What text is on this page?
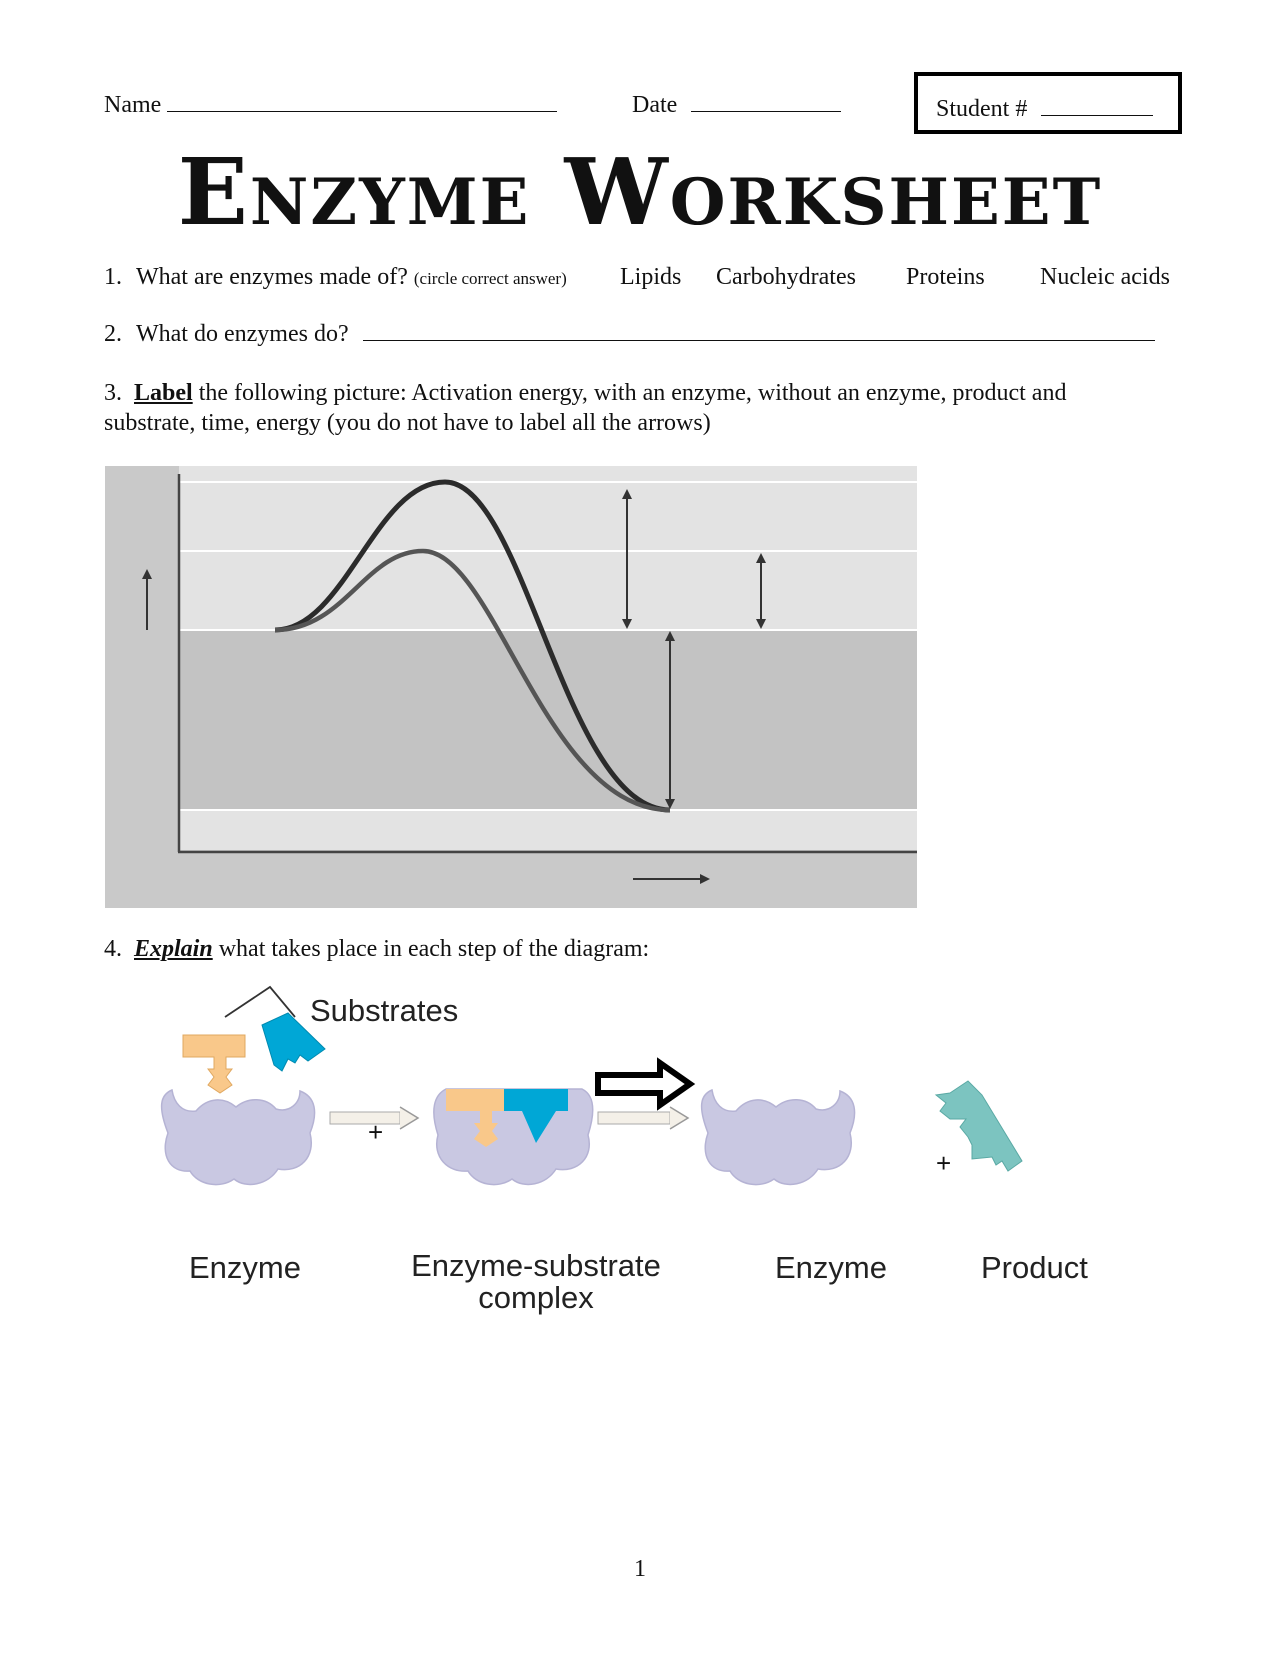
Name	Date	Student #
Enzyme Worksheet
1. What are enzymes made of? (circle correct answer) Lipids Carbohydrates Proteins Nucleic acids
2. What do enzymes do?
3. Label the following picture: Activation energy, with an enzyme, without an enzyme, product and
substrate, time, energy (you do not have to label all the arrows)
4. Explain what takes place in each step of the diagram:
Substrates
+
+
Enzyme	Enzyme-substrate
complex
Enzyme	Product
1
